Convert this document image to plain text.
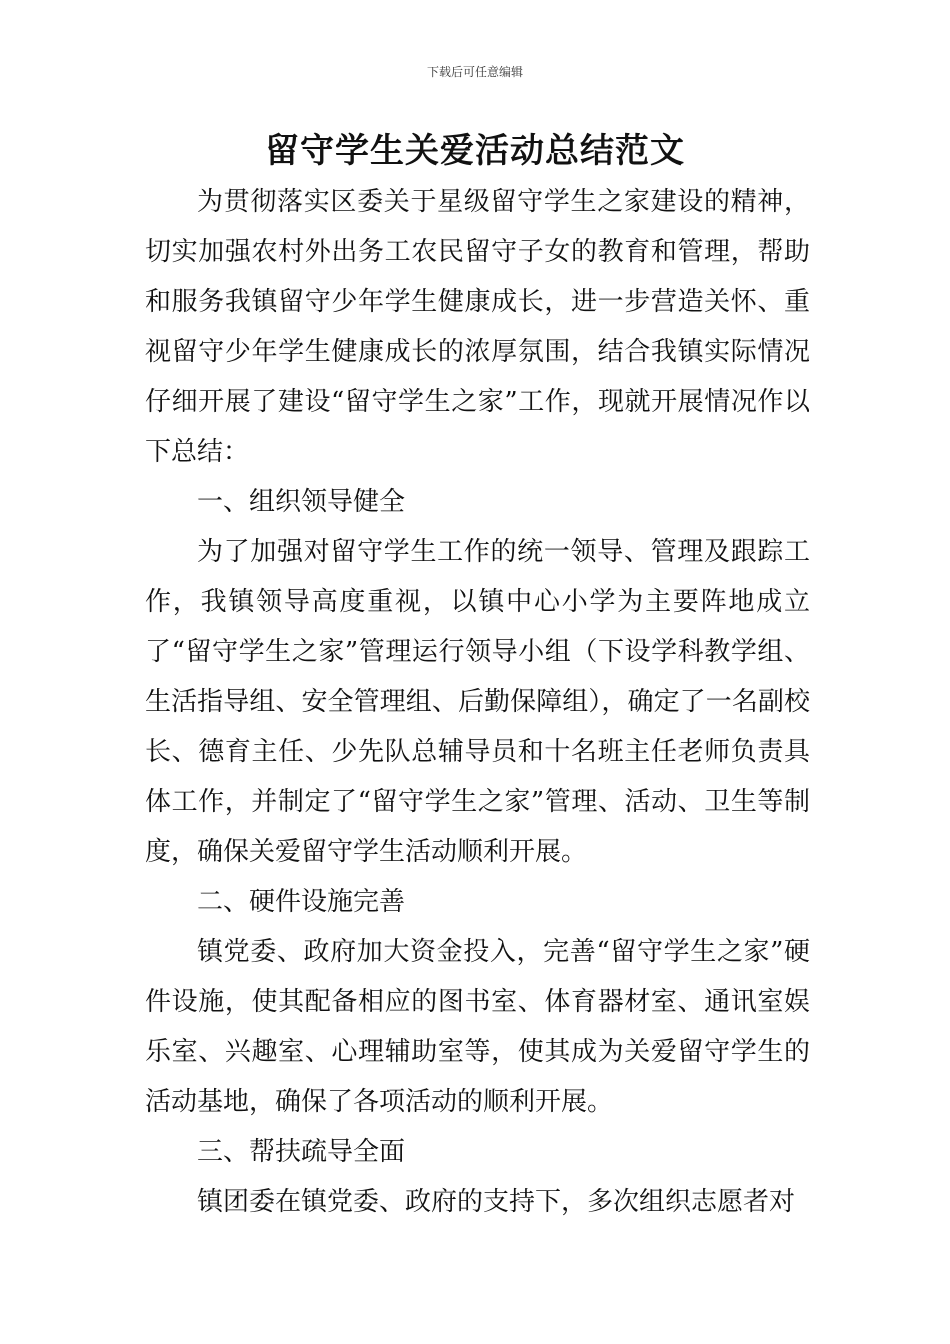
下载后可任意编辑
留守学生关爱活动总结范文

为贯彻落实区委关于星级留守学生之家建设的精神，切实加强农村外出务工农民留守子女的教育和管理，帮助和服务我镇留守少年学生健康成长，进一步营造关怀、重视留守少年学生健康成长的浓厚氛围，结合我镇实际情况仔细开展了建设“留守学生之家”工作，现就开展情况作以下总结：

一、组织领导健全

为了加强对留守学生工作的统一领导、管理及跟踪工作，我镇领导高度重视，以镇中心小学为主要阵地成立了“留守学生之家”管理运行领导小组（下设学科教学组、生活指导组、安全管理组、后勤保障组），确定了一名副校长、德育主任、少先队总辅导员和十名班主任老师负责具体工作，并制定了“留守学生之家”管理、活动、卫生等制度，确保关爱留守学生活动顺利开展。

二、硬件设施完善

镇党委、政府加大资金投入，完善“留守学生之家”硬件设施，使其配备相应的图书室、体育器材室、通讯室娱乐室、兴趣室、心理辅助室等，使其成为关爱留守学生的活动基地，确保了各项活动的顺利开展。

三、帮扶疏导全面

镇团委在镇党委、政府的支持下，多次组织志愿者对
